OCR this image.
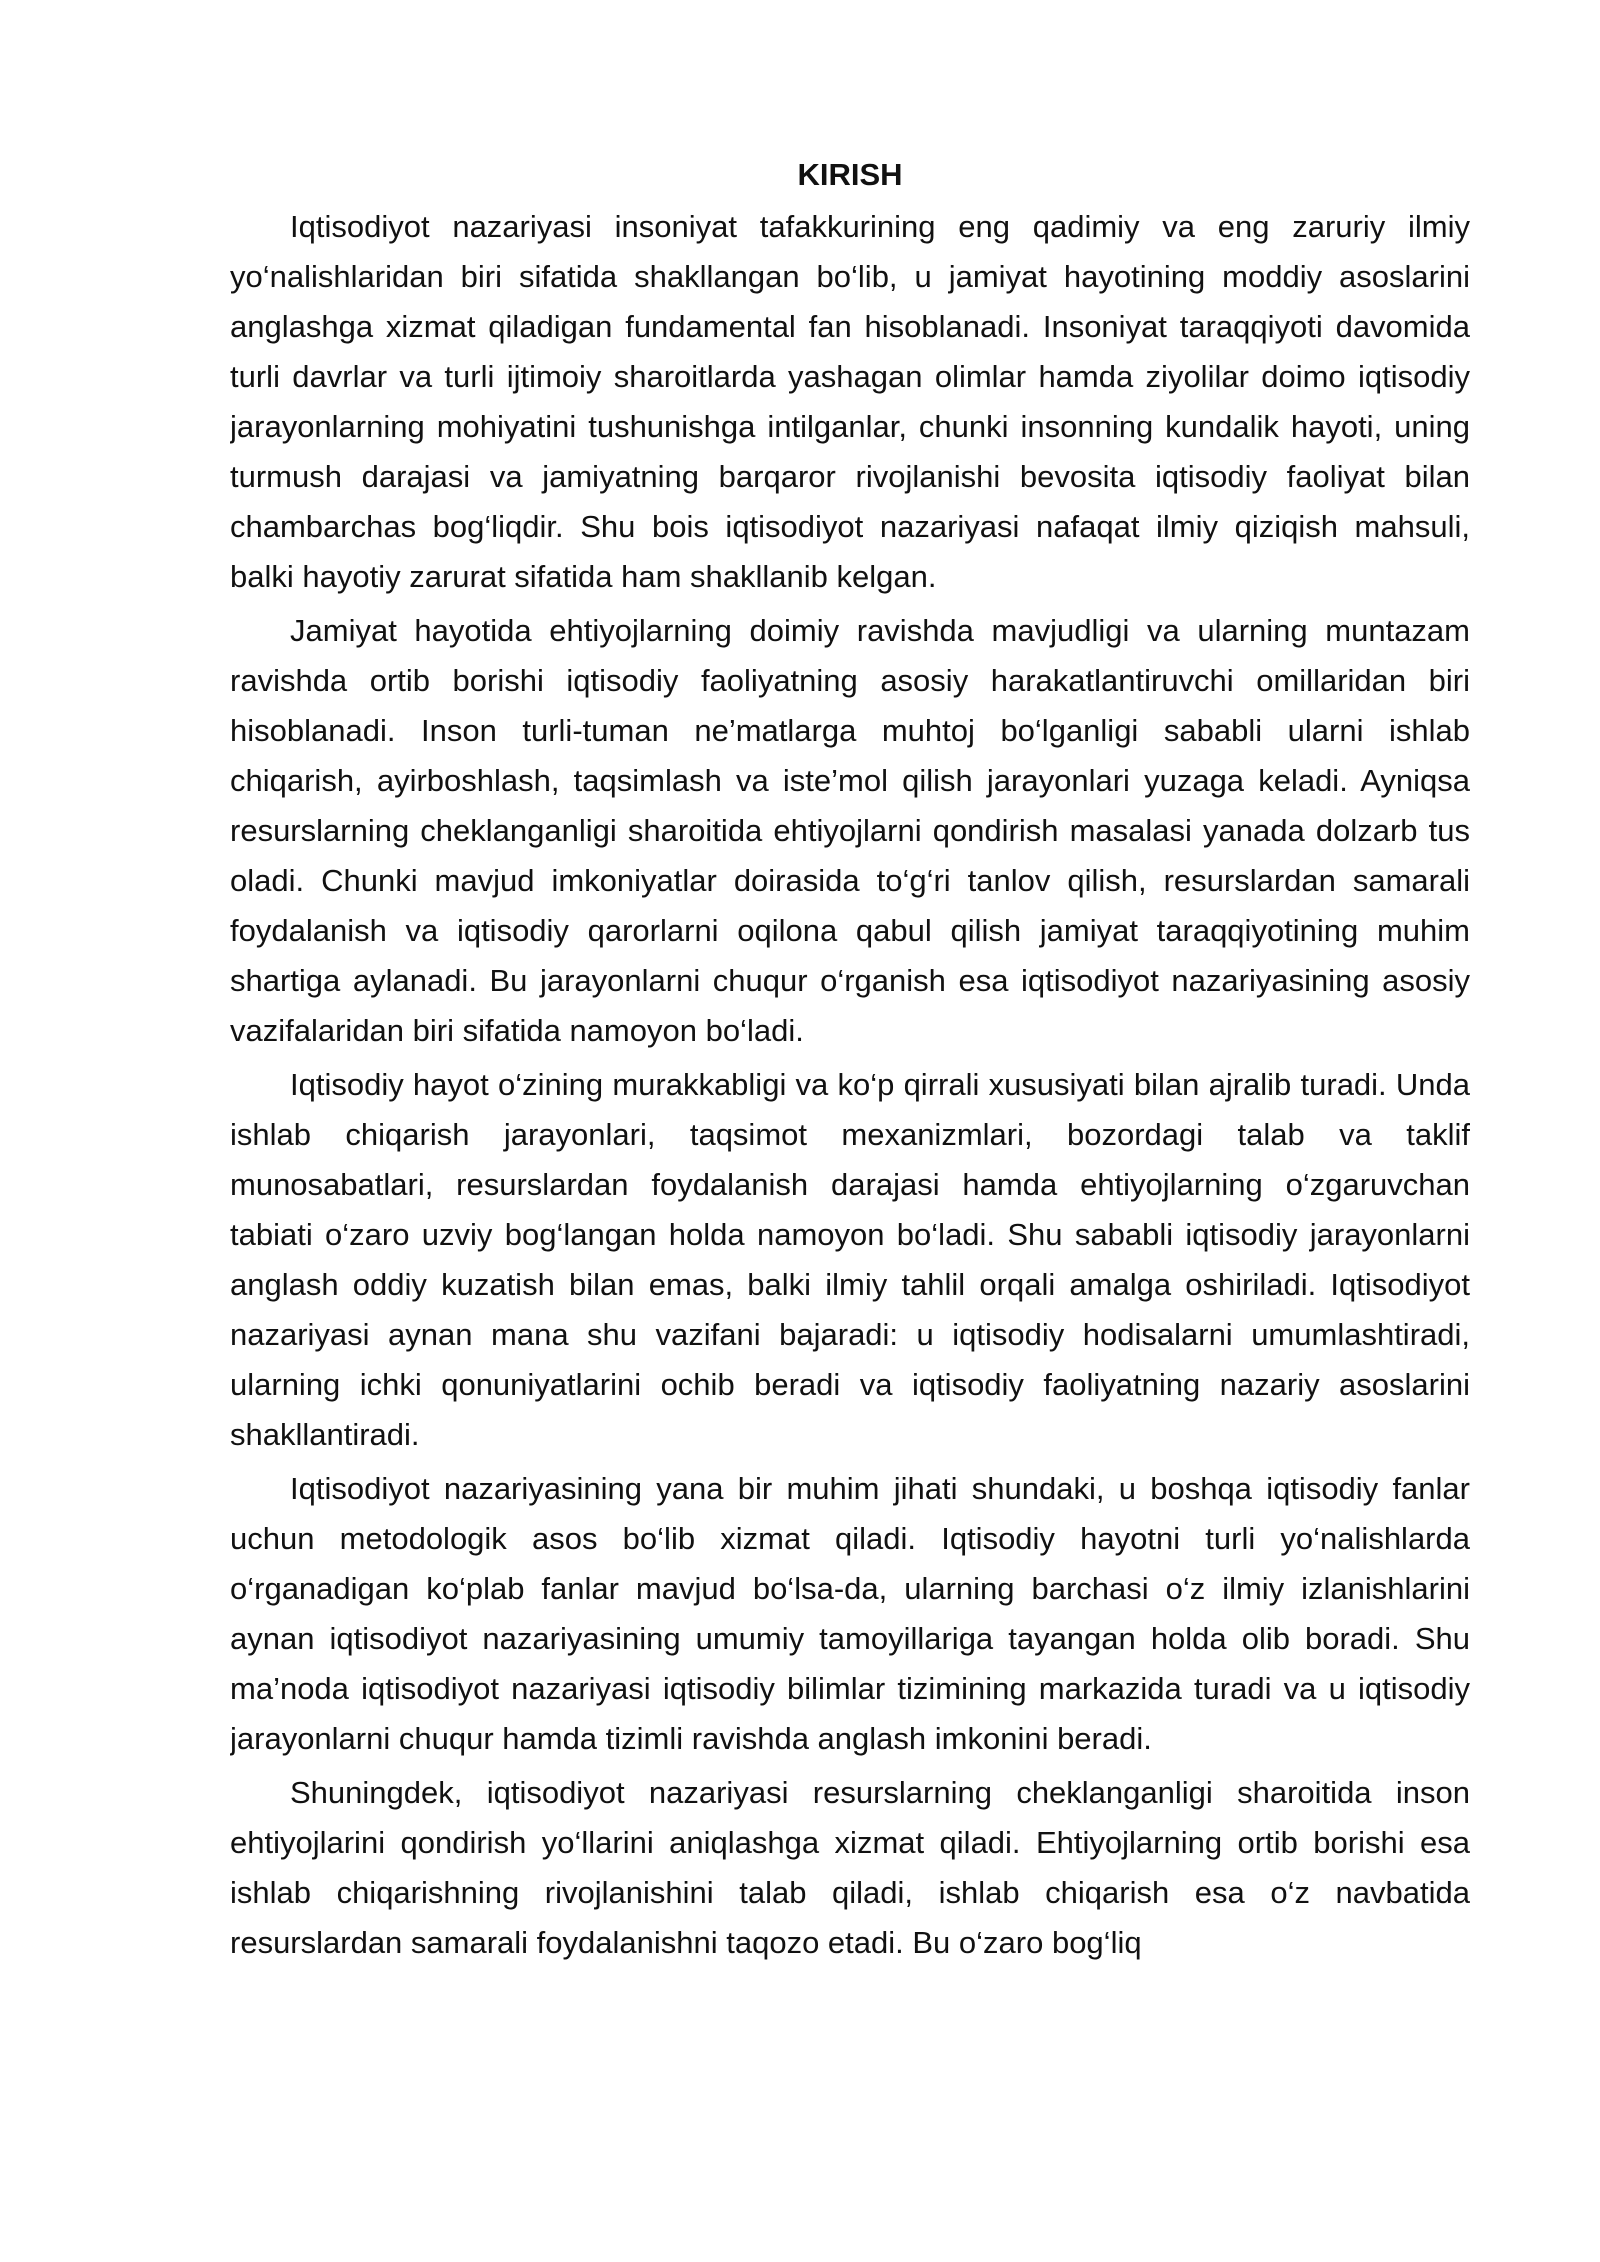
KIRISH

Iqtisodiyot nazariyasi insoniyat tafakkurining eng qadimiy va eng zaruriy ilmiy yo‘nalishlaridan biri sifatida shakllangan bo‘lib, u jamiyat hayotining moddiy asoslarini anglashga xizmat qiladigan fundamental fan hisoblanadi. Insoniyat taraqqiyoti davomida turli davrlar va turli ijtimoiy sharoitlarda yashagan olimlar hamda ziyolilar doimo iqtisodiy jarayonlarning mohiyatini tushunishga intilganlar, chunki insonning kundalik hayoti, uning turmush darajasi va jamiyatning barqaror rivojlanishi bevosita iqtisodiy faoliyat bilan chambarchas bog‘liqdir. Shu bois iqtisodiyot nazariyasi nafaqat ilmiy qiziqish mahsuli, balki hayotiy zarurat sifatida ham shakllanib kelgan.

Jamiyat hayotida ehtiyojlarning doimiy ravishda mavjudligi va ularning muntazam ravishda ortib borishi iqtisodiy faoliyatning asosiy harakatlantiruvchi omillaridan biri hisoblanadi. Inson turli-tuman ne’matlarga muhtoj bo‘lganligi sababli ularni ishlab chiqarish, ayirboshlash, taqsimlash va iste’mol qilish jarayonlari yuzaga keladi. Ayniqsa resurslarning cheklanganligi sharoitida ehtiyojlarni qondirish masalasi yanada dolzarb tus oladi. Chunki mavjud imkoniyatlar doirasida to‘g‘ri tanlov qilish, resurslardan samarali foydalanish va iqtisodiy qarorlarni oqilona qabul qilish jamiyat taraqqiyotining muhim shartiga aylanadi. Bu jarayonlarni chuqur o‘rganish esa iqtisodiyot nazariyasining asosiy vazifalaridan biri sifatida namoyon bo‘ladi.

Iqtisodiy hayot o‘zining murakkabligi va ko‘p qirrali xususiyati bilan ajralib turadi. Unda ishlab chiqarish jarayonlari, taqsimot mexanizmlari, bozordagi talab va taklif munosabatlari, resurslardan foydalanish darajasi hamda ehtiyojlarning o‘zgaruvchan tabiati o‘zaro uzviy bog‘langan holda namoyon bo‘ladi. Shu sababli iqtisodiy jarayonlarni anglash oddiy kuzatish bilan emas, balki ilmiy tahlil orqali amalga oshiriladi. Iqtisodiyot nazariyasi aynan mana shu vazifani bajaradi: u iqtisodiy hodisalarni umumlashtiradi, ularning ichki qonuniyatlarini ochib beradi va iqtisodiy faoliyatning nazariy asoslarini shakllantiradi.

Iqtisodiyot nazariyasining yana bir muhim jihati shundaki, u boshqa iqtisodiy fanlar uchun metodologik asos bo‘lib xizmat qiladi. Iqtisodiy hayotni turli yo‘nalishlarda o‘rganadigan ko‘plab fanlar mavjud bo‘lsa-da, ularning barchasi o‘z ilmiy izlanishlarini aynan iqtisodiyot nazariyasining umumiy tamoyillariga tayangan holda olib boradi. Shu ma’noda iqtisodiyot nazariyasi iqtisodiy bilimlar tizimining markazida turadi va u iqtisodiy jarayonlarni chuqur hamda tizimli ravishda anglash imkonini beradi.

Shuningdek, iqtisodiyot nazariyasi resurslarning cheklanganligi sharoitida inson ehtiyojlarini qondirish yo‘llarini aniqlashga xizmat qiladi. Ehtiyojlarning ortib borishi esa ishlab chiqarishning rivojlanishini talab qiladi, ishlab chiqarish esa o‘z navbatida resurslardan samarali foydalanishni taqozo etadi. Bu o‘zaro bog‘liq
